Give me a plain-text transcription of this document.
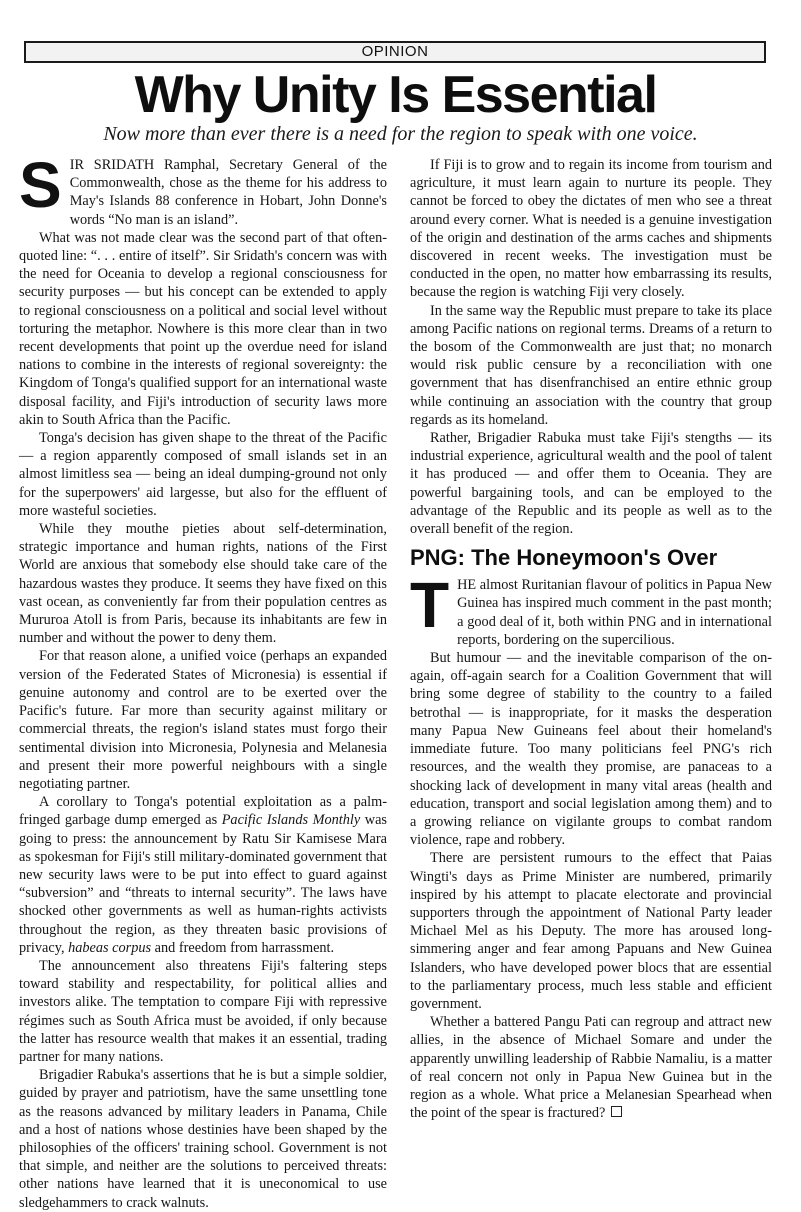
OPINION
Why Unity Is Essential

Now more than ever there is a need for the region to speak with one voice.

SIR SRIDATH Ramphal, Secretary General of the Commonwealth, chose as the theme for his address to May's Islands 88 conference in Hobart, John Donne's words “No man is an island”.

What was not made clear was the second part of that often-quoted line: “. . . entire of itself”. Sir Sridath's concern was with the need for Oceania to develop a regional consciousness for security purposes — but his concept can be extended to apply to regional consciousness on a political and social level without torturing the metaphor. Nowhere is this more clear than in two recent developments that point up the overdue need for island nations to combine in the interests of regional sovereignty: the Kingdom of Tonga's qualified support for an international waste disposal facility, and Fiji's introduction of security laws more akin to South Africa than the Pacific.

Tonga's decision has given shape to the threat of the Pacific — a region apparently composed of small islands set in an almost limitless sea — being an ideal dumping-ground not only for the superpowers' aid largesse, but also for the effluent of more wasteful societies.

While they mouthe pieties about self-determination, strategic importance and human rights, nations of the First World are anxious that somebody else should take care of the hazardous wastes they produce. It seems they have fixed on this vast ocean, as conveniently far from their population centres as Mururoa Atoll is from Paris, because its inhabitants are few in number and without the power to deny them.

For that reason alone, a unified voice (perhaps an expanded version of the Federated States of Micronesia) is essential if genuine autonomy and control are to be exerted over the Pacific's future. Far more than security against military or commercial threats, the region's island states must forgo their sentimental division into Micronesia, Polynesia and Melanesia and present their more powerful neighbours with a single negotiating partner.

A corollary to Tonga's potential exploitation as a palm-fringed garbage dump emerged as Pacific Islands Monthly was going to press: the announcement by Ratu Sir Kamisese Mara as spokesman for Fiji's still military-dominated government that new security laws were to be put into effect to guard against “subversion” and “threats to internal security”. The laws have shocked other governments as well as human-rights activists throughout the region, as they threaten basic provisions of privacy, habeas corpus and freedom from harrassment.

The announcement also threatens Fiji's faltering steps toward stability and respectability, for political allies and investors alike. The temptation to compare Fiji with repressive régimes such as South Africa must be avoided, if only because the latter has resource wealth that makes it an essential, trading partner for many nations.

Brigadier Rabuka's assertions that he is but a simple soldier, guided by prayer and patriotism, have the same unsettling tone as the reasons advanced by military leaders in Panama, Chile and a host of nations whose destinies have been shaped by the philosophies of the officers' training school. Government is not that simple, and neither are the solutions to perceived threats: other nations have learned that it is uneconomical to use sledgehammers to crack walnuts.

If Fiji is to grow and to regain its income from tourism and agriculture, it must learn again to nurture its people. They cannot be forced to obey the dictates of men who see a threat around every corner. What is needed is a genuine investigation of the origin and destination of the arms caches and shipments discovered in recent weeks. The investigation must be conducted in the open, no matter how embarrassing its results, because the region is watching Fiji very closely.

In the same way the Republic must prepare to take its place among Pacific nations on regional terms. Dreams of a return to the bosom of the Commonwealth are just that; no monarch would risk public censure by a reconciliation with one government that has disenfranchised an entire ethnic group while continuing an association with the country that group regards as its homeland.

Rather, Brigadier Rabuka must take Fiji's stengths — its industrial experience, agricultural wealth and the pool of talent it has produced — and offer them to Oceania. They are powerful bargaining tools, and can be employed to the advantage of the Republic and its people as well as to the overall benefit of the region.

PNG: The Honeymoon's Over

THE almost Ruritanian flavour of politics in Papua New Guinea has inspired much comment in the past month; a good deal of it, both within PNG and in international reports, bordering on the supercilious.

But humour — and the inevitable comparison of the on-again, off-again search for a Coalition Government that will bring some degree of stability to the country to a failed betrothal — is inappropriate, for it masks the desperation many Papua New Guineans feel about their homeland's immediate future. Too many politicians feel PNG's rich resources, and the wealth they promise, are panaceas to a shocking lack of development in many vital areas (health and education, transport and social legislation among them) and to a growing reliance on vigilante groups to combat random violence, rape and robbery.

There are persistent rumours to the effect that Paias Wingti's days as Prime Minister are numbered, primarily inspired by his attempt to placate electorate and provincial supporters through the appointment of National Party leader Michael Mel as his Deputy. The more has aroused long-simmering anger and fear among Papuans and New Guinea Islanders, who have developed power blocs that are essential to the parliamentary process, much less stable and efficient government.

Whether a battered Pangu Pati can regroup and attract new allies, in the absence of Michael Somare and under the apparently unwilling leadership of Rabbie Namaliu, is a matter of real concern not only in Papua New Guinea but in the region as a whole. What price a Melanesian Spearhead when the point of the spear is fractured?
